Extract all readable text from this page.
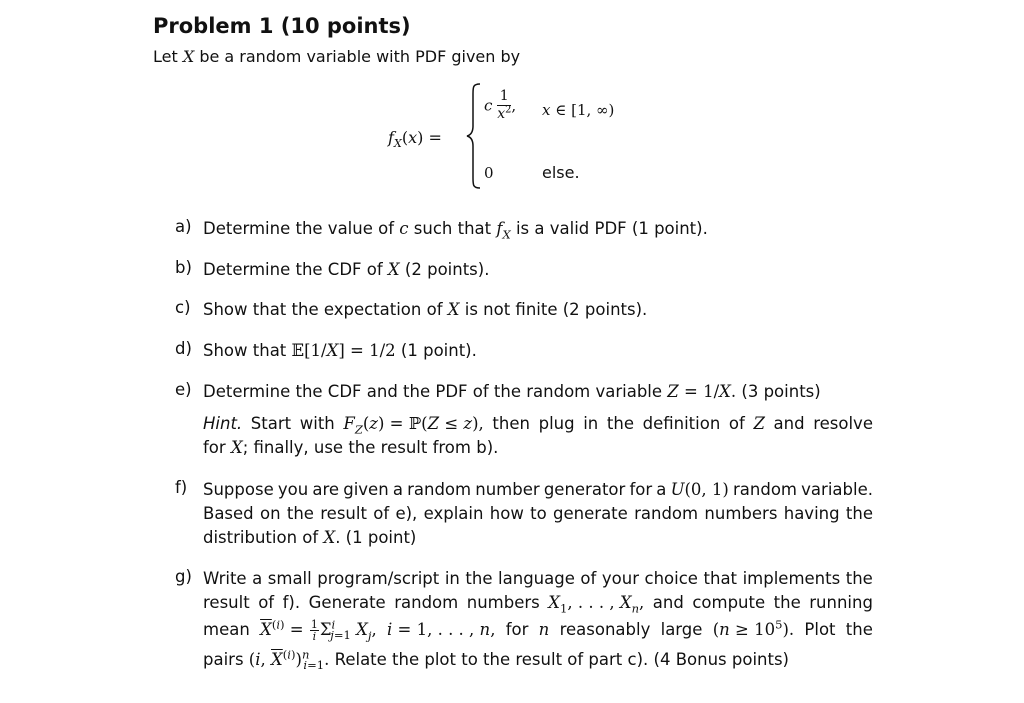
Problem 1 (10 points)
Let X be a random variable with PDF given by
$f_X(x)$ =
c $\frac{1}{x^2}$ , x ∈ [1, ∞)
0	else.
a) Determine the value of c such that $f_X$ is a valid PDF (1 point).
b) Determine the CDF of X (2 points).
c) Show that the expectation of X is not finite (2 points).
d) Show that 𝔼[1/X] = 1/2 (1 point).
e) Determine the CDF and the PDF of the random variable Z = 1/X. (3 points)
Hint. Start with $F_Z(z)$ = ℙ(Z ≤ z), then plug in the definition of Z and resolve
for X; finally, use the result from b).
f) Suppose you are given a random number generator for a U(0, 1) random variable.
Based on the result of e), explain how to generate random numbers having the
distribution of X. (1 point)
g) Write a small program/script in the language of your choice that implements the
result of f). Generate random numbers $X_1$, . . . , $X_n$, and compute the running
mean $\overline{X}^{(i)} = \frac{1}{i} \Sigma^i_{j=1}$ $X_j$, i = 1, . . . , n, for n reasonably large $(n \ge 10^5)$. Plot the
pairs (i, $\overline{X}^{(i)})^n_{i=1}$. Relate the plot to the result of part c). (4 Bonus points)
